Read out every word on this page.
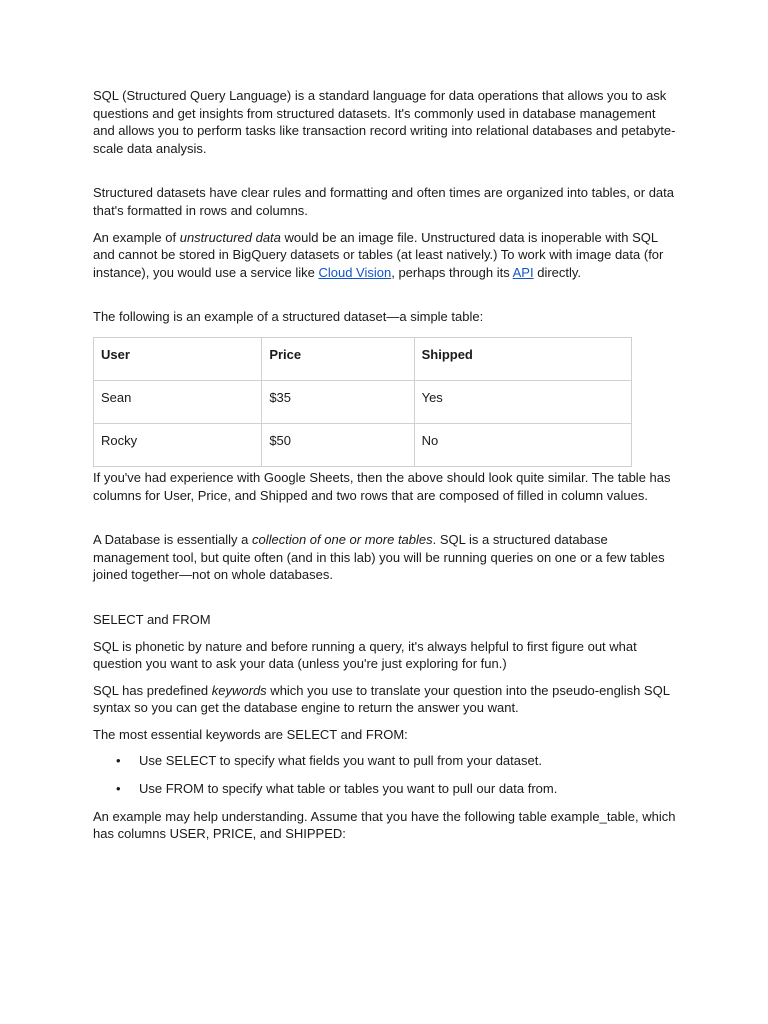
SQL (Structured Query Language) is a standard language for data operations that allows you to ask questions and get insights from structured datasets. It's commonly used in database management and allows you to perform tasks like transaction record writing into relational databases and petabyte-scale data analysis.

Structured datasets have clear rules and formatting and often times are organized into tables, or data that's formatted in rows and columns.

An example of unstructured data would be an image file. Unstructured data is inoperable with SQL and cannot be stored in BigQuery datasets or tables (at least natively.) To work with image data (for instance), you would use a service like Cloud Vision, perhaps through its API directly.

The following is an example of a structured dataset—a simple table:

User	Price	Shipped
Sean	$35	Yes
Rocky	$50	No

If you've had experience with Google Sheets, then the above should look quite similar. The table has columns for User, Price, and Shipped and two rows that are composed of filled in column values.

A Database is essentially a collection of one or more tables. SQL is a structured database management tool, but quite often (and in this lab) you will be running queries on one or a few tables joined together—not on whole databases.

SELECT and FROM

SQL is phonetic by nature and before running a query, it's always helpful to first figure out what question you want to ask your data (unless you're just exploring for fun.)

SQL has predefined keywords which you use to translate your question into the pseudo-english SQL syntax so you can get the database engine to return the answer you want.

The most essential keywords are SELECT and FROM:

• Use SELECT to specify what fields you want to pull from your dataset.
• Use FROM to specify what table or tables you want to pull our data from.

An example may help understanding. Assume that you have the following table example_table, which has columns USER, PRICE, and SHIPPED:
